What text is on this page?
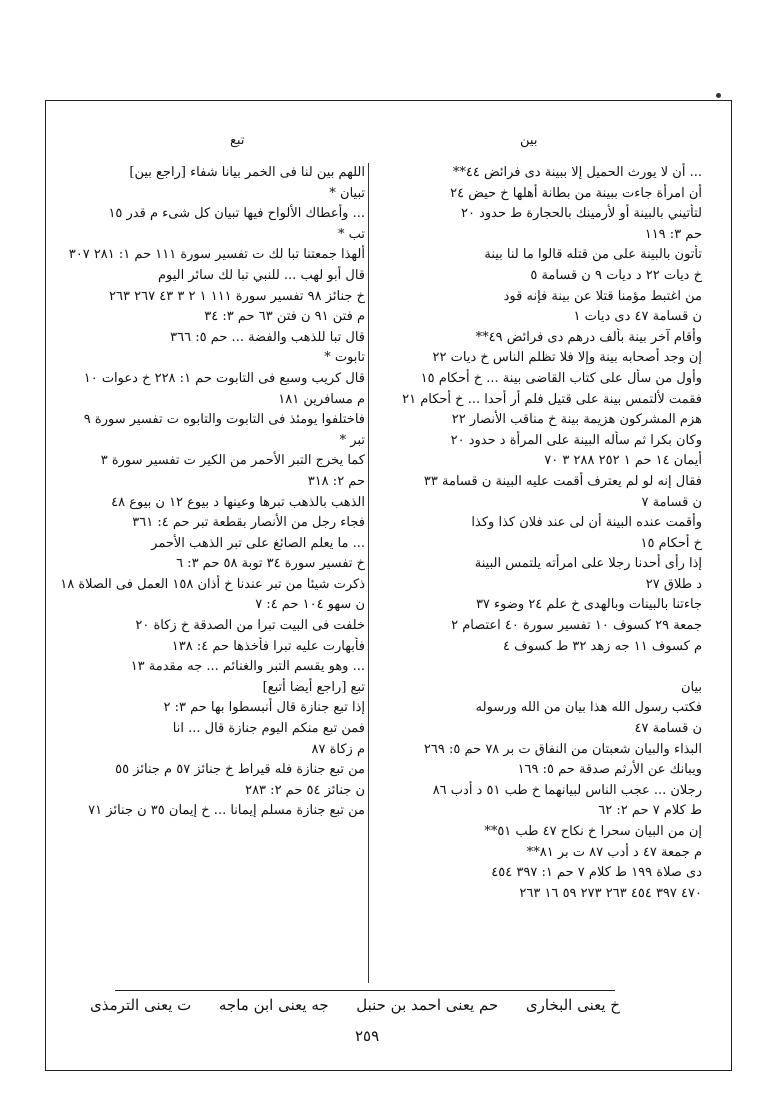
بين
تبع
... أن لا يورث الحميل إلا ببينة دى فرائض ٤٤**
أن امرأة جاءت ببينة من بطانة أهلها خ حيض ٢٤
لتأتيني بالبينة أو لأرمينك بالحجارة ط حدود ٢٠
حم ٣: ١١٩
تأتون بالبينة على من قتله قالوا ما لنا بينة
خ ديات ٢٢ د ديات ٩ ن قسامة ٥
من اغتبط مؤمنا قتلا عن بينة فإنه قود
ن قسامة ٤٧ دى ديات ١
وأقام آخر بينة بألف درهم دى فرائض ٤٩**
إن وجد أصحابه بينة وإلا فلا تظلم الناس خ ديات ٢٢
وأول من سأل على كتاب القاضى بينة ... خ أحكام ١٥
فقمت لألتمس بينة على قتيل فلم أر أحدا ... خ أحكام ٢١
هزم المشركون هزيمة بينة خ مناقب الأنصار ٢٢
وكان بكرا ثم سأله البينة على المرأة د حدود ٢٠
أيمان ١٤ حم ١ ٢٥٢ ٢٨٨ ٣ ٧٠
فقال إنه لو لم يعترف أقمت عليه البينة ن قسامة ٣٣
ن قسامة ٧
وأقمت عنده البينة أن لى عند فلان كذا وكذا
خ أحكام ١٥
إذا رأى أحدنا رجلا على امرأته يلتمس البينة
د طلاق ٢٧
جاءتنا بالبينات وبالهدى خ علم ٢٤ وضوء ٣٧
جمعة ٢٩ كسوف ١٠ تفسير سورة ٤٠ اعتصام ٢
م كسوف ١١ جه زهد ٣٢ ط كسوف ٤
بيان
فكتب رسول الله هذا بيان من الله ورسوله
ن قسامة ٤٧
البذاء والبيان شعبتان من النفاق ت بر ٧٨ حم ٥: ٢٦٩
ويبانك عن الأرثم صدقة حم ٥: ١٦٩
رجلان ... عجب الناس لبيانهما خ طب ٥١ د أدب ٨٦
ط كلام ٧ حم ٢: ٦٢
إن من البيان سحرا خ نكاح ٤٧ طب ٥١**
م جمعة ٤٧ د أدب ٨٧ ت بر ٨١**
دى صلاة ١٩٩ ط كلام ٧ حم ١: ٣٩٧ ٤٥٤
٤٧٠ ٣٩٧ ٤٥٤ ٢٦٣ ٢٧٣ ٥٩ ١٦ ٢٦٣
اللهم بين لنا فى الخمر بيانا شفاء [راجع بين]
تبيان *
... وأعطاك الألواح فيها تبيان كل شىء م قدر ١٥
تب *
ألهذا جمعتنا تبا لك ت تفسير سورة ١١١ حم ١: ٢٨١ ٣٠٧
قال أبو لهب ... للنبي تبا لك سائر اليوم
خ جنائز ٩٨ تفسير سورة ١١١ ١ ٢ ٣ ٤٣ ٢٦٧ ٢٦٣
م فتن ٩١ ن فتن ٦٣ حم ٣: ٣٤
قال تبا للذهب والفضة ... حم ٥: ٣٦٦
تابوت *
قال كريب وسبع فى التابوت حم ١: ٢٢٨ خ دعوات ١٠
م مسافرين ١٨١
فاختلفوا يومئذ فى التابوت والتابوه ت تفسير سورة ٩
تبر *
كما يخرج التبر الأحمر من الكير ت تفسير سورة ٣
حم ٢: ٣١٨
الذهب بالذهب تبرها وعينها د بيوع ١٢ ن بيوع ٤٨
فجاء رجل من الأنصار بقطعة تبر حم ٤: ٣٦١
... ما يعلم الصائغ على تبر الذهب الأحمر
خ تفسير سورة ٣٤ توبة ٥٨ حم ٣: ٦
ذكرت شيئا من تبر عندنا خ أذان ١٥٨ العمل فى الصلاة ١٨
ن سهو ١٠٤ حم ٤: ٧
خلفت فى البيت تبرا من الصدقة خ زكاة ٢٠
فأبهارت عليه تبرا فأخذها حم ٤: ١٣٨
... وهو يقسم التبر والغنائم ... جه مقدمة ١٣
تبع [راجع أيضا أتبع]
إذا تبع جنازة قال أنبسطوا بها حم ٣: ٢
فمن تبع منكم اليوم جنازة قال ... انا
م زكاة ٨٧
من تبع جنازة فله قيراط خ جنائز ٥٧ م جنائز ٥٥
ن جنائز ٥٤ حم ٢: ٢٨٣
من تبع جنازة مسلم إيمانا ... خ إيمان ٣٥ ن جنائز ٧١
خ يعنى البخارى
حم يعنى احمد بن حنبل
جه يعنى ابن ماجه
ت يعنى الترمذى
٢٥٩
